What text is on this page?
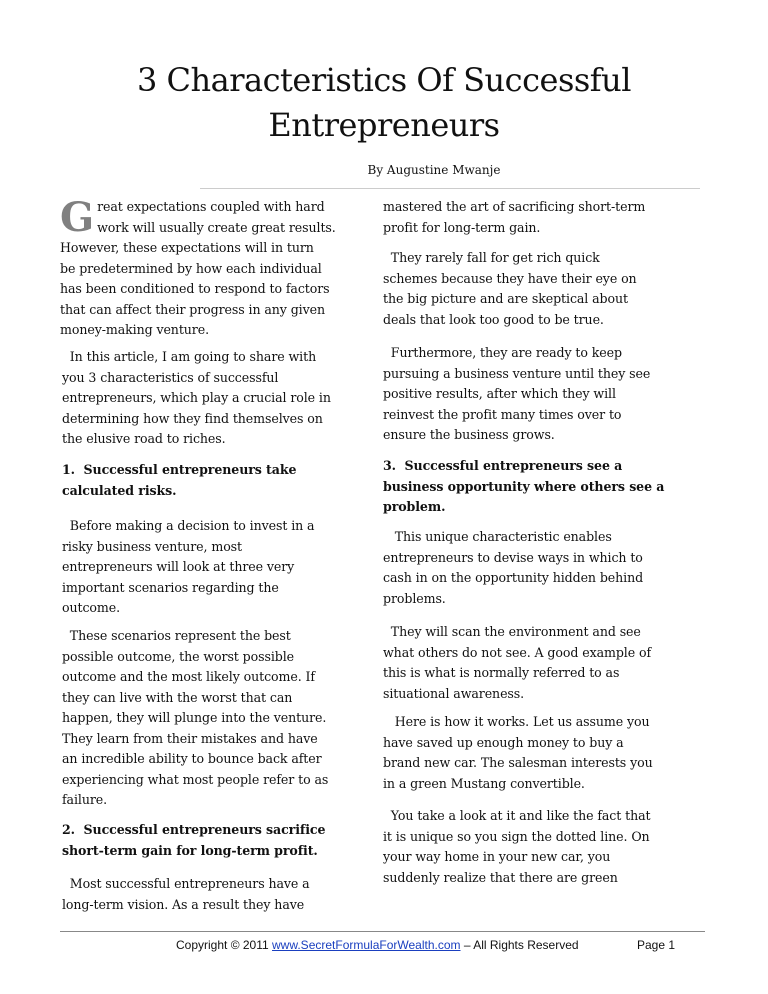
3 Characteristics Of Successful
Entrepreneurs
By Augustine Mwanje
G reat expectations coupled with hard
work will usually create great results.
However, these expectations will in turn
be predetermined by how each individual
has been conditioned to respond to factors
that can affect their progress in any given
money-making venture.
In this article, I am going to share with
you 3 characteristics of successful
entrepreneurs, which play a crucial role in
determining how they find themselves on
the elusive road to riches.
1.  Successful entrepreneurs take
calculated risks.
Before making a decision to invest in a
risky business venture, most
entrepreneurs will look at three very
important scenarios regarding the
outcome.
These scenarios represent the best
possible outcome, the worst possible
outcome and the most likely outcome. If
they can live with the worst that can
happen, they will plunge into the venture.
They learn from their mistakes and have
an incredible ability to bounce back after
experiencing what most people refer to as
failure.
2.  Successful entrepreneurs sacrifice
short-term gain for long-term profit.
Most successful entrepreneurs have a
long-term vision. As a result they have
mastered the art of sacrificing short-term
profit for long-term gain.
They rarely fall for get rich quick
schemes because they have their eye on
the big picture and are skeptical about
deals that look too good to be true.
Furthermore, they are ready to keep
pursuing a business venture until they see
positive results, after which they will
reinvest the profit many times over to
ensure the business grows.
3.  Successful entrepreneurs see a
business opportunity where others see a
problem.
This unique characteristic enables
entrepreneurs to devise ways in which to
cash in on the opportunity hidden behind
problems.
They will scan the environment and see
what others do not see. A good example of
this is what is normally referred to as
situational awareness.
Here is how it works. Let us assume you
have saved up enough money to buy a
brand new car. The salesman interests you
in a green Mustang convertible.
You take a look at it and like the fact that
it is unique so you sign the dotted line. On
your way home in your new car, you
suddenly realize that there are green
Copyright © 2011 www.SecretFormulaForWealth.com – All Rights Reserved	Page 1
